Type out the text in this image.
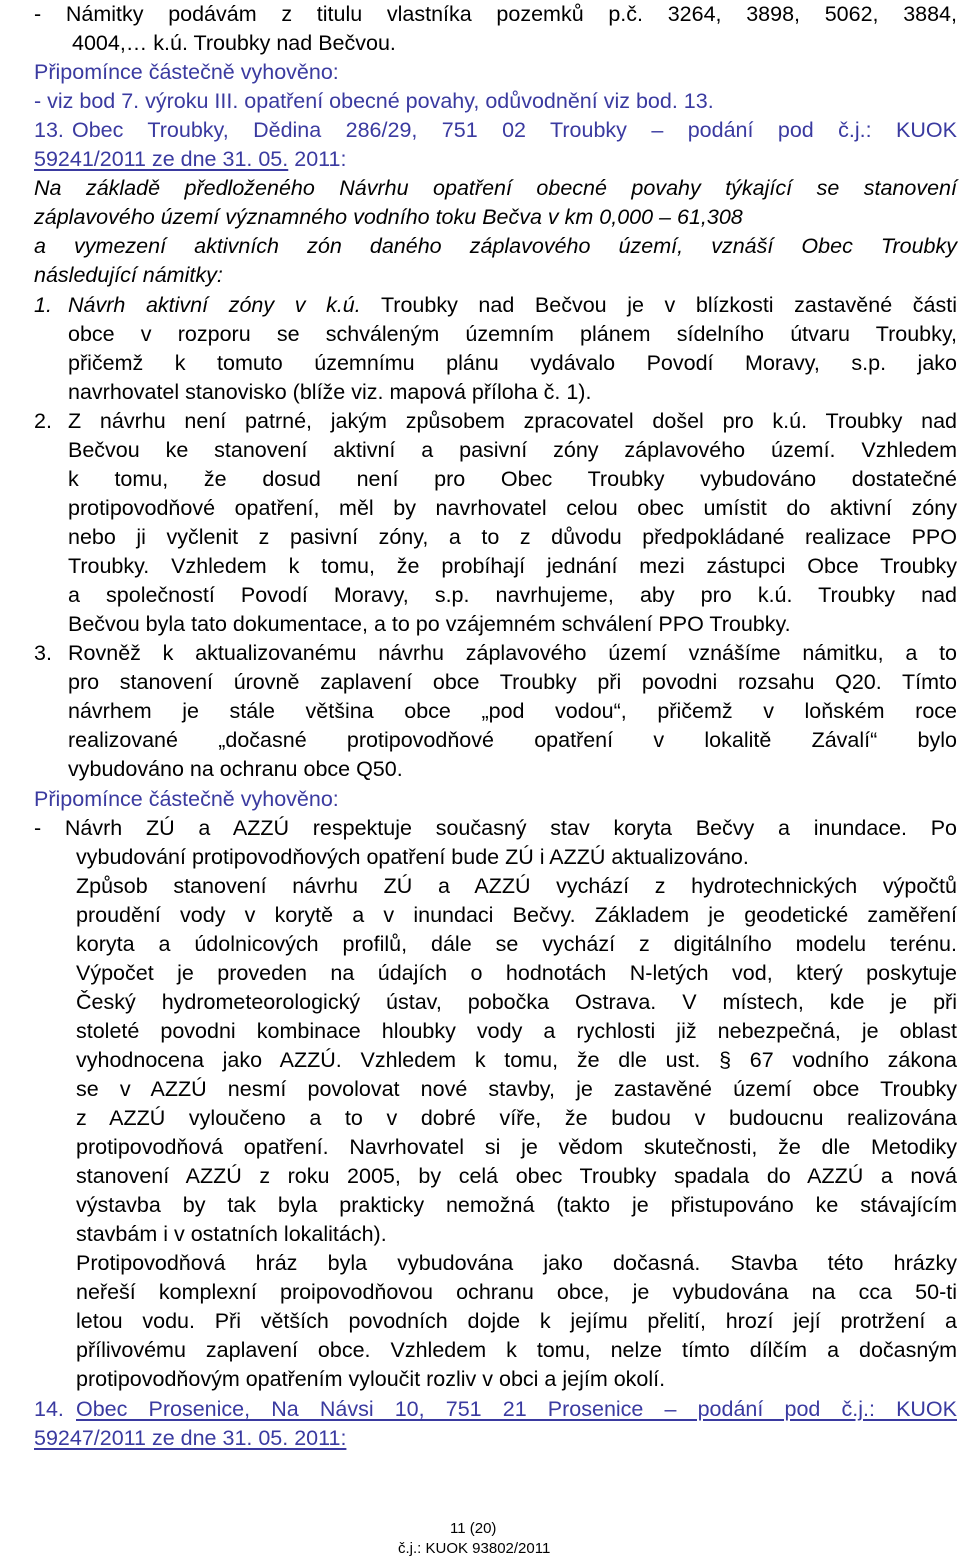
- Námitky podávám z titulu vlastníka pozemků p.č. 3264, 3898, 5062, 3884,
4004,… k.ú. Troubky nad Bečvou.
Připomínce částečně vyhověno:
- viz bod 7. výroku III. opatření obecné povahy, odůvodnění viz bod. 13.
13. Obec Troubky, Dědina 286/29, 751 02 Troubky – podání pod č.j.: KUOK
59241/2011 ze dne 31. 05. 2011:
Na základě předloženého Návrhu opatření obecné povahy týkající se stanovení
záplavového území významného vodního toku Bečva v km 0,000 – 61,308
a vymezení aktivních zón daného záplavového území, vznáší Obec Troubky
následující námitky:
1. Návrh aktivní zóny v k.ú. Troubky nad Bečvou je v blízkosti zastavěné části
obce v rozporu se schváleným územním plánem sídelního útvaru Troubky,
přičemž k tomuto územnímu plánu vydávalo Povodí Moravy, s.p. jako
navrhovatel stanovisko (blíže viz. mapová příloha č. 1).
2. Z návrhu není patrné, jakým způsobem zpracovatel došel pro k.ú. Troubky nad
Bečvou ke stanovení aktivní a pasivní zóny záplavového území. Vzhledem
k tomu, že dosud není pro Obec Troubky vybudováno dostatečné
protipovodňové opatření, měl by navrhovatel celou obec umístit do aktivní zóny
nebo ji vyčlenit z pasivní zóny, a to z důvodu předpokládané realizace PPO
Troubky. Vzhledem k tomu, že probíhají jednání mezi zástupci Obce Troubky
a společností Povodí Moravy, s.p. navrhujeme, aby pro k.ú. Troubky nad
Bečvou byla tato dokumentace, a to po vzájemném schválení PPO Troubky.
3. Rovněž k aktualizovanému návrhu záplavového území vznášíme námitku, a to
pro stanovení úrovně zaplavení obce Troubky při povodni rozsahu Q20. Tímto
návrhem je stále většina obce „pod vodou“, přičemž v loňském roce
realizované „dočasné protipovodňové opatření v lokalitě Závalí“ bylo
vybudováno na ochranu obce Q50.
Připomínce částečně vyhověno:
- Návrh ZÚ a AZZÚ respektuje současný stav koryta Bečvy a inundace. Po
vybudování protipovodňových opatření bude ZÚ i AZZÚ aktualizováno.
Způsob stanovení návrhu ZÚ a AZZÚ vychází z hydrotechnických výpočtů
proudění vody v korytě a v inundaci Bečvy. Základem je geodetické zaměření
koryta a údolnicových profilů, dále se vychází z digitálního modelu terénu.
Výpočet je proveden na údajích o hodnotách N-letých vod, který poskytuje
Český hydrometeorologický ústav, pobočka Ostrava. V místech, kde je při
stoleté povodni kombinace hloubky vody a rychlosti již nebezpečná, je oblast
vyhodnocena jako AZZÚ. Vzhledem k tomu, že dle ust. § 67 vodního zákona
se v AZZÚ nesmí povolovat nové stavby, je zastavěné území obce Troubky
z AZZÚ vyloučeno a to v dobré víře, že budou v budoucnu realizována
protipovodňová opatření. Navrhovatel si je vědom skutečnosti, že dle Metodiky
stanovení AZZÚ z roku 2005, by celá obec Troubky spadala do AZZÚ a nová
výstavba by tak byla prakticky nemožná (takto je přistupováno ke stávajícím
stavbám i v ostatních lokalitách).
Protipovodňová hráz byla vybudována jako dočasná. Stavba této hrázky
neřeší komplexní proipovodňovou ochranu obce, je vybudována na cca 50-ti
letou vodu. Při větších povodních dojde k jejímu přelití, hrozí její protržení a
přílivovému zaplavení obce. Vzhledem k tomu, nelze tímto dílčím a dočasným
protipovodňovým opatřením vyloučit rozliv v obci a jejím okolí.
14. Obec Prosenice, Na Návsi 10, 751 21 Prosenice – podání pod č.j.: KUOK
59247/2011 ze dne 31. 05. 2011:
11 (20)
č.j.: KUOK 93802/2011
